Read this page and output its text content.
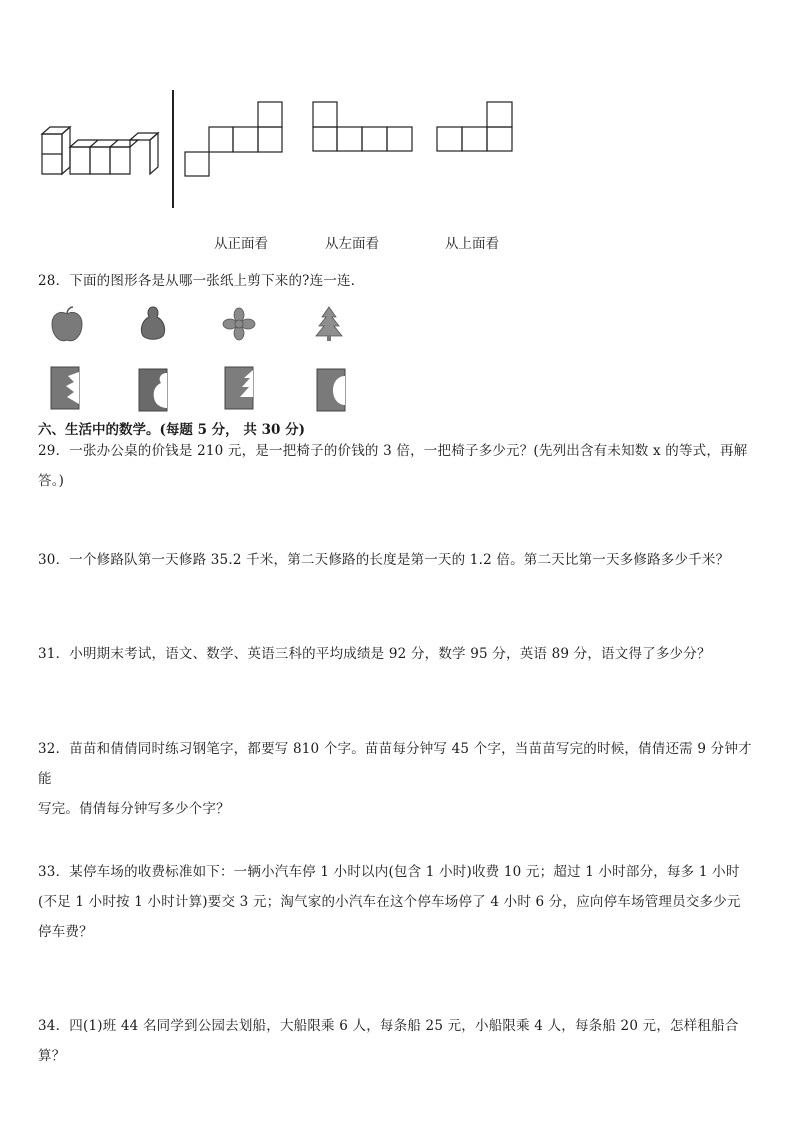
从正面看	从左面看	从上面看
28．下面的图形各是从哪一张纸上剪下来的?连一连．
六、生活中的数学。(每题 5 分， 共 30 分)
29．一张办公桌的价钱是 210 元，是一把椅子的价钱的 3 倍，一把椅子多少元？(先列出含有未知数 x 的等式，再解
答。)
30．一个修路队第一天修路 35.2 千米，第二天修路的长度是第一天的 1.2 倍。第二天比第一天多修路多少千米？
31．小明期末考试，语文、数学、英语三科的平均成绩是 92 分，数学 95 分，英语 89 分，语文得了多少分？
32．苗苗和倩倩同时练习钢笔字，都要写 810 个字。苗苗每分钟写 45 个字，当苗苗写完的时候，倩倩还需 9 分钟才能
写完。倩倩每分钟写多少个字？
33．某停车场的收费标准如下：一辆小汽车停 1 小时以内(包含 1 小时)收费 10 元；超过 1 小时部分，每多 1 小时
(不足 1 小时按 1 小时计算)要交 3 元；淘气家的小汽车在这个停车场停了 4 小时 6 分，应向停车场管理员交多少元
停车费？
34．四(1)班 44 名同学到公园去划船，大船限乘 6 人，每条船 25 元，小船限乘 4 人，每条船 20 元，怎样租船合算？
